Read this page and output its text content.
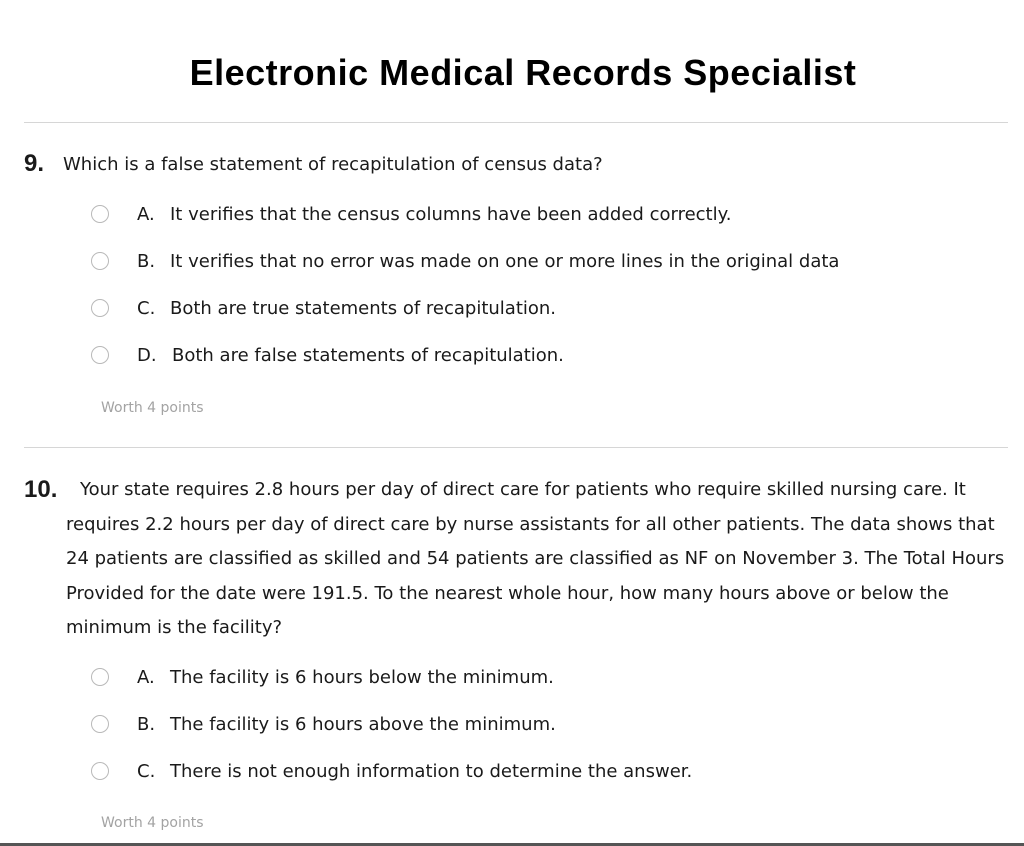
Electronic Medical Records Specialist
9. Which is a false statement of recapitulation of census data?
A. It verifies that the census columns have been added correctly.
B. It verifies that no error was made on one or more lines in the original data
C. Both are true statements of recapitulation.
D. Both are false statements of recapitulation.
Worth 4 points
10.	Your state requires 2.8 hours per day of direct care for patients who require skilled nursing care. It requires 2.2 hours per day of direct care by nurse assistants for all other patients. The data shows that 24 patients are classified as skilled and 54 patients are classified as NF on November 3. The Total Hours Provided for the date were 191.5. To the nearest whole hour, how many hours above or below the minimum is the facility?
A. The facility is 6 hours below the minimum.
B. The facility is 6 hours above the minimum.
C. There is not enough information to determine the answer.
Worth 4 points
